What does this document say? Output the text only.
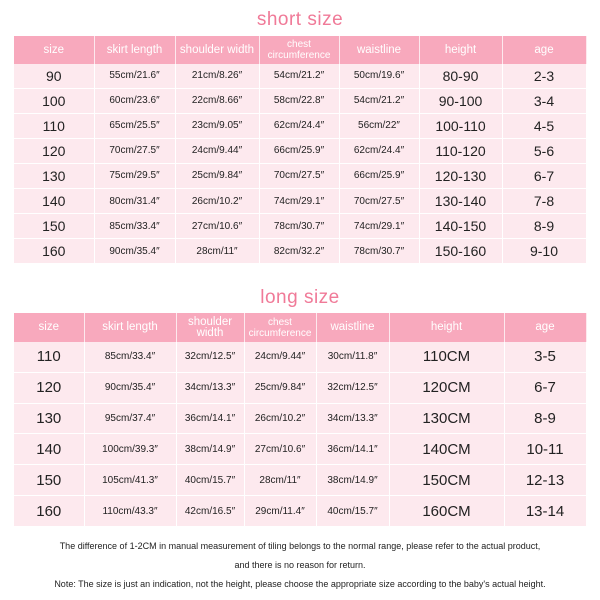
short size
size	skirt length	shoulder width	chest circumference	waistline	height	age
90	55cm/21.6″	21cm/8.26″	54cm/21.2″	50cm/19.6″	80-90	2-3
100	60cm/23.6″	22cm/8.66″	58cm/22.8″	54cm/21.2″	90-100	3-4
110	65cm/25.5″	23cm/9.05″	62cm/24.4″	56cm/22″	100-110	4-5
120	70cm/27.5″	24cm/9.44″	66cm/25.9″	62cm/24.4″	110-120	5-6
130	75cm/29.5″	25cm/9.84″	70cm/27.5″	66cm/25.9″	120-130	6-7
140	80cm/31.4″	26cm/10.2″	74cm/29.1″	70cm/27.5″	130-140	7-8
150	85cm/33.4″	27cm/10.6″	78cm/30.7″	74cm/29.1″	140-150	8-9
160	90cm/35.4″	28cm/11″	82cm/32.2″	78cm/30.7″	150-160	9-10
long size
size	skirt length	shoulder width	chest circumference	waistline	height	age
110	85cm/33.4″	32cm/12.5″	24cm/9.44″	30cm/11.8″	110CM	3-5
120	90cm/35.4″	34cm/13.3″	25cm/9.84″	32cm/12.5″	120CM	6-7
130	95cm/37.4″	36cm/14.1″	26cm/10.2″	34cm/13.3″	130CM	8-9
140	100cm/39.3″	38cm/14.9″	27cm/10.6″	36cm/14.1″	140CM	10-11
150	105cm/41.3″	40cm/15.7″	28cm/11″	38cm/14.9″	150CM	12-13
160	110cm/43.3″	42cm/16.5″	29cm/11.4″	40cm/15.7″	160CM	13-14
The difference of 1-2CM in manual measurement of tiling belongs to the normal range, please refer to the actual product,
and there is no reason for return.
Note: The size is just an indication, not the height, please choose the appropriate size according to the baby's actual height.
